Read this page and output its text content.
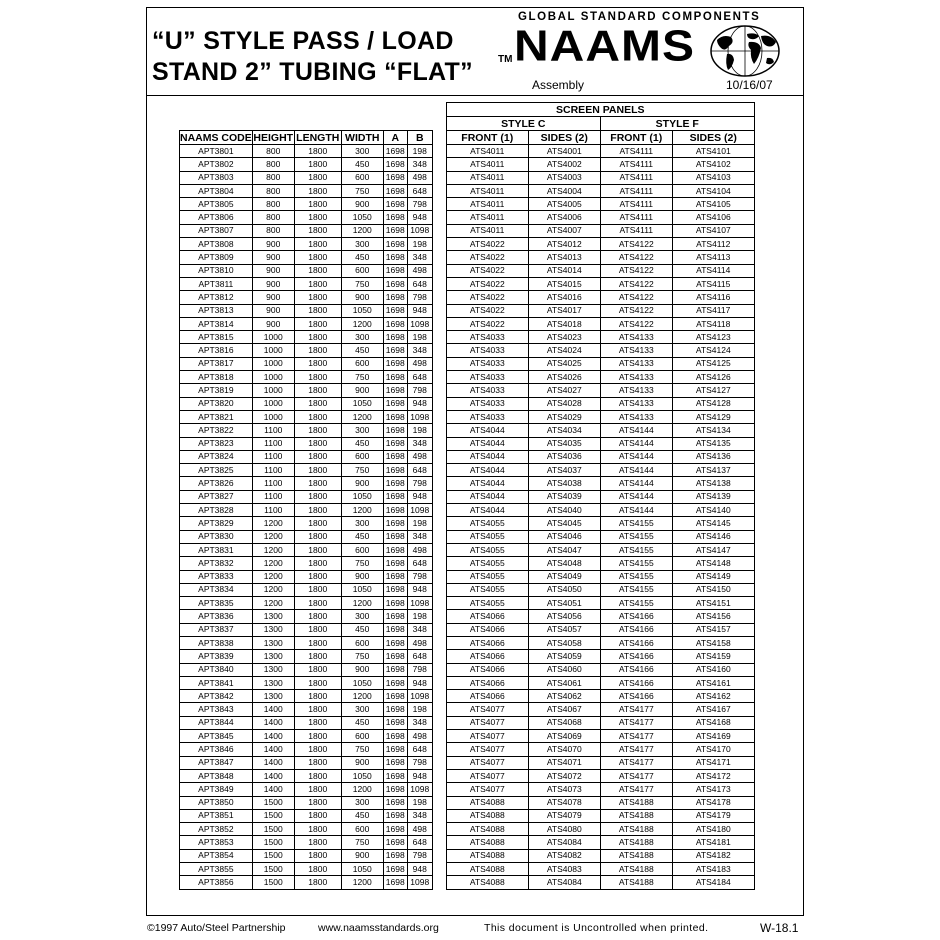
“U” STYLE PASS / LOAD
STAND 2” TUBING “FLAT”	TM
GLOBAL STANDARD COMPONENTS
NAAMS
Assembly	10/16/07
							SCREEN PANELS			
							STYLE C		STYLE F	
NAAMS CODE	HEIGHT	LENGTH	WIDTH	A	B		FRONT (1)	SIDES (2)	FRONT (1)	SIDES (2)
APT3801	800	1800	300	1698	198		ATS4011	ATS4001	ATS4111	ATS4101
APT3802	800	1800	450	1698	348		ATS4011	ATS4002	ATS4111	ATS4102
APT3803	800	1800	600	1698	498		ATS4011	ATS4003	ATS4111	ATS4103
APT3804	800	1800	750	1698	648		ATS4011	ATS4004	ATS4111	ATS4104
APT3805	800	1800	900	1698	798		ATS4011	ATS4005	ATS4111	ATS4105
APT3806	800	1800	1050	1698	948		ATS4011	ATS4006	ATS4111	ATS4106
APT3807	800	1800	1200	1698	1098		ATS4011	ATS4007	ATS4111	ATS4107
APT3808	900	1800	300	1698	198		ATS4022	ATS4012	ATS4122	ATS4112
APT3809	900	1800	450	1698	348		ATS4022	ATS4013	ATS4122	ATS4113
APT3810	900	1800	600	1698	498		ATS4022	ATS4014	ATS4122	ATS4114
APT3811	900	1800	750	1698	648		ATS4022	ATS4015	ATS4122	ATS4115
APT3812	900	1800	900	1698	798		ATS4022	ATS4016	ATS4122	ATS4116
APT3813	900	1800	1050	1698	948		ATS4022	ATS4017	ATS4122	ATS4117
APT3814	900	1800	1200	1698	1098		ATS4022	ATS4018	ATS4122	ATS4118
APT3815	1000	1800	300	1698	198		ATS4033	ATS4023	ATS4133	ATS4123
APT3816	1000	1800	450	1698	348		ATS4033	ATS4024	ATS4133	ATS4124
APT3817	1000	1800	600	1698	498		ATS4033	ATS4025	ATS4133	ATS4125
APT3818	1000	1800	750	1698	648		ATS4033	ATS4026	ATS4133	ATS4126
APT3819	1000	1800	900	1698	798		ATS4033	ATS4027	ATS4133	ATS4127
APT3820	1000	1800	1050	1698	948		ATS4033	ATS4028	ATS4133	ATS4128
APT3821	1000	1800	1200	1698	1098		ATS4033	ATS4029	ATS4133	ATS4129
APT3822	1100	1800	300	1698	198		ATS4044	ATS4034	ATS4144	ATS4134
APT3823	1100	1800	450	1698	348		ATS4044	ATS4035	ATS4144	ATS4135
APT3824	1100	1800	600	1698	498		ATS4044	ATS4036	ATS4144	ATS4136
APT3825	1100	1800	750	1698	648		ATS4044	ATS4037	ATS4144	ATS4137
APT3826	1100	1800	900	1698	798		ATS4044	ATS4038	ATS4144	ATS4138
APT3827	1100	1800	1050	1698	948		ATS4044	ATS4039	ATS4144	ATS4139
APT3828	1100	1800	1200	1698	1098		ATS4044	ATS4040	ATS4144	ATS4140
APT3829	1200	1800	300	1698	198		ATS4055	ATS4045	ATS4155	ATS4145
APT3830	1200	1800	450	1698	348		ATS4055	ATS4046	ATS4155	ATS4146
APT3831	1200	1800	600	1698	498		ATS4055	ATS4047	ATS4155	ATS4147
APT3832	1200	1800	750	1698	648		ATS4055	ATS4048	ATS4155	ATS4148
APT3833	1200	1800	900	1698	798		ATS4055	ATS4049	ATS4155	ATS4149
APT3834	1200	1800	1050	1698	948		ATS4055	ATS4050	ATS4155	ATS4150
APT3835	1200	1800	1200	1698	1098		ATS4055	ATS4051	ATS4155	ATS4151
APT3836	1300	1800	300	1698	198		ATS4066	ATS4056	ATS4166	ATS4156
APT3837	1300	1800	450	1698	348		ATS4066	ATS4057	ATS4166	ATS4157
APT3838	1300	1800	600	1698	498		ATS4066	ATS4058	ATS4166	ATS4158
APT3839	1300	1800	750	1698	648		ATS4066	ATS4059	ATS4166	ATS4159
APT3840	1300	1800	900	1698	798		ATS4066	ATS4060	ATS4166	ATS4160
APT3841	1300	1800	1050	1698	948		ATS4066	ATS4061	ATS4166	ATS4161
APT3842	1300	1800	1200	1698	1098		ATS4066	ATS4062	ATS4166	ATS4162
APT3843	1400	1800	300	1698	198		ATS4077	ATS4067	ATS4177	ATS4167
APT3844	1400	1800	450	1698	348		ATS4077	ATS4068	ATS4177	ATS4168
APT3845	1400	1800	600	1698	498		ATS4077	ATS4069	ATS4177	ATS4169
APT3846	1400	1800	750	1698	648		ATS4077	ATS4070	ATS4177	ATS4170
APT3847	1400	1800	900	1698	798		ATS4077	ATS4071	ATS4177	ATS4171
APT3848	1400	1800	1050	1698	948		ATS4077	ATS4072	ATS4177	ATS4172
APT3849	1400	1800	1200	1698	1098		ATS4077	ATS4073	ATS4177	ATS4173
APT3850	1500	1800	300	1698	198		ATS4088	ATS4078	ATS4188	ATS4178
APT3851	1500	1800	450	1698	348		ATS4088	ATS4079	ATS4188	ATS4179
APT3852	1500	1800	600	1698	498		ATS4088	ATS4080	ATS4188	ATS4180
APT3853	1500	1800	750	1698	648		ATS4088	ATS4084	ATS4188	ATS4181
APT3854	1500	1800	900	1698	798		ATS4088	ATS4082	ATS4188	ATS4182
APT3855	1500	1800	1050	1698	948		ATS4088	ATS4083	ATS4188	ATS4183
APT3856	1500	1800	1200	1698	1098		ATS4088	ATS4084	ATS4188	ATS4184
©1997 Auto/Steel Partnership	www.naamsstandards.org	This document is Uncontrolled when printed.	W-18.1
